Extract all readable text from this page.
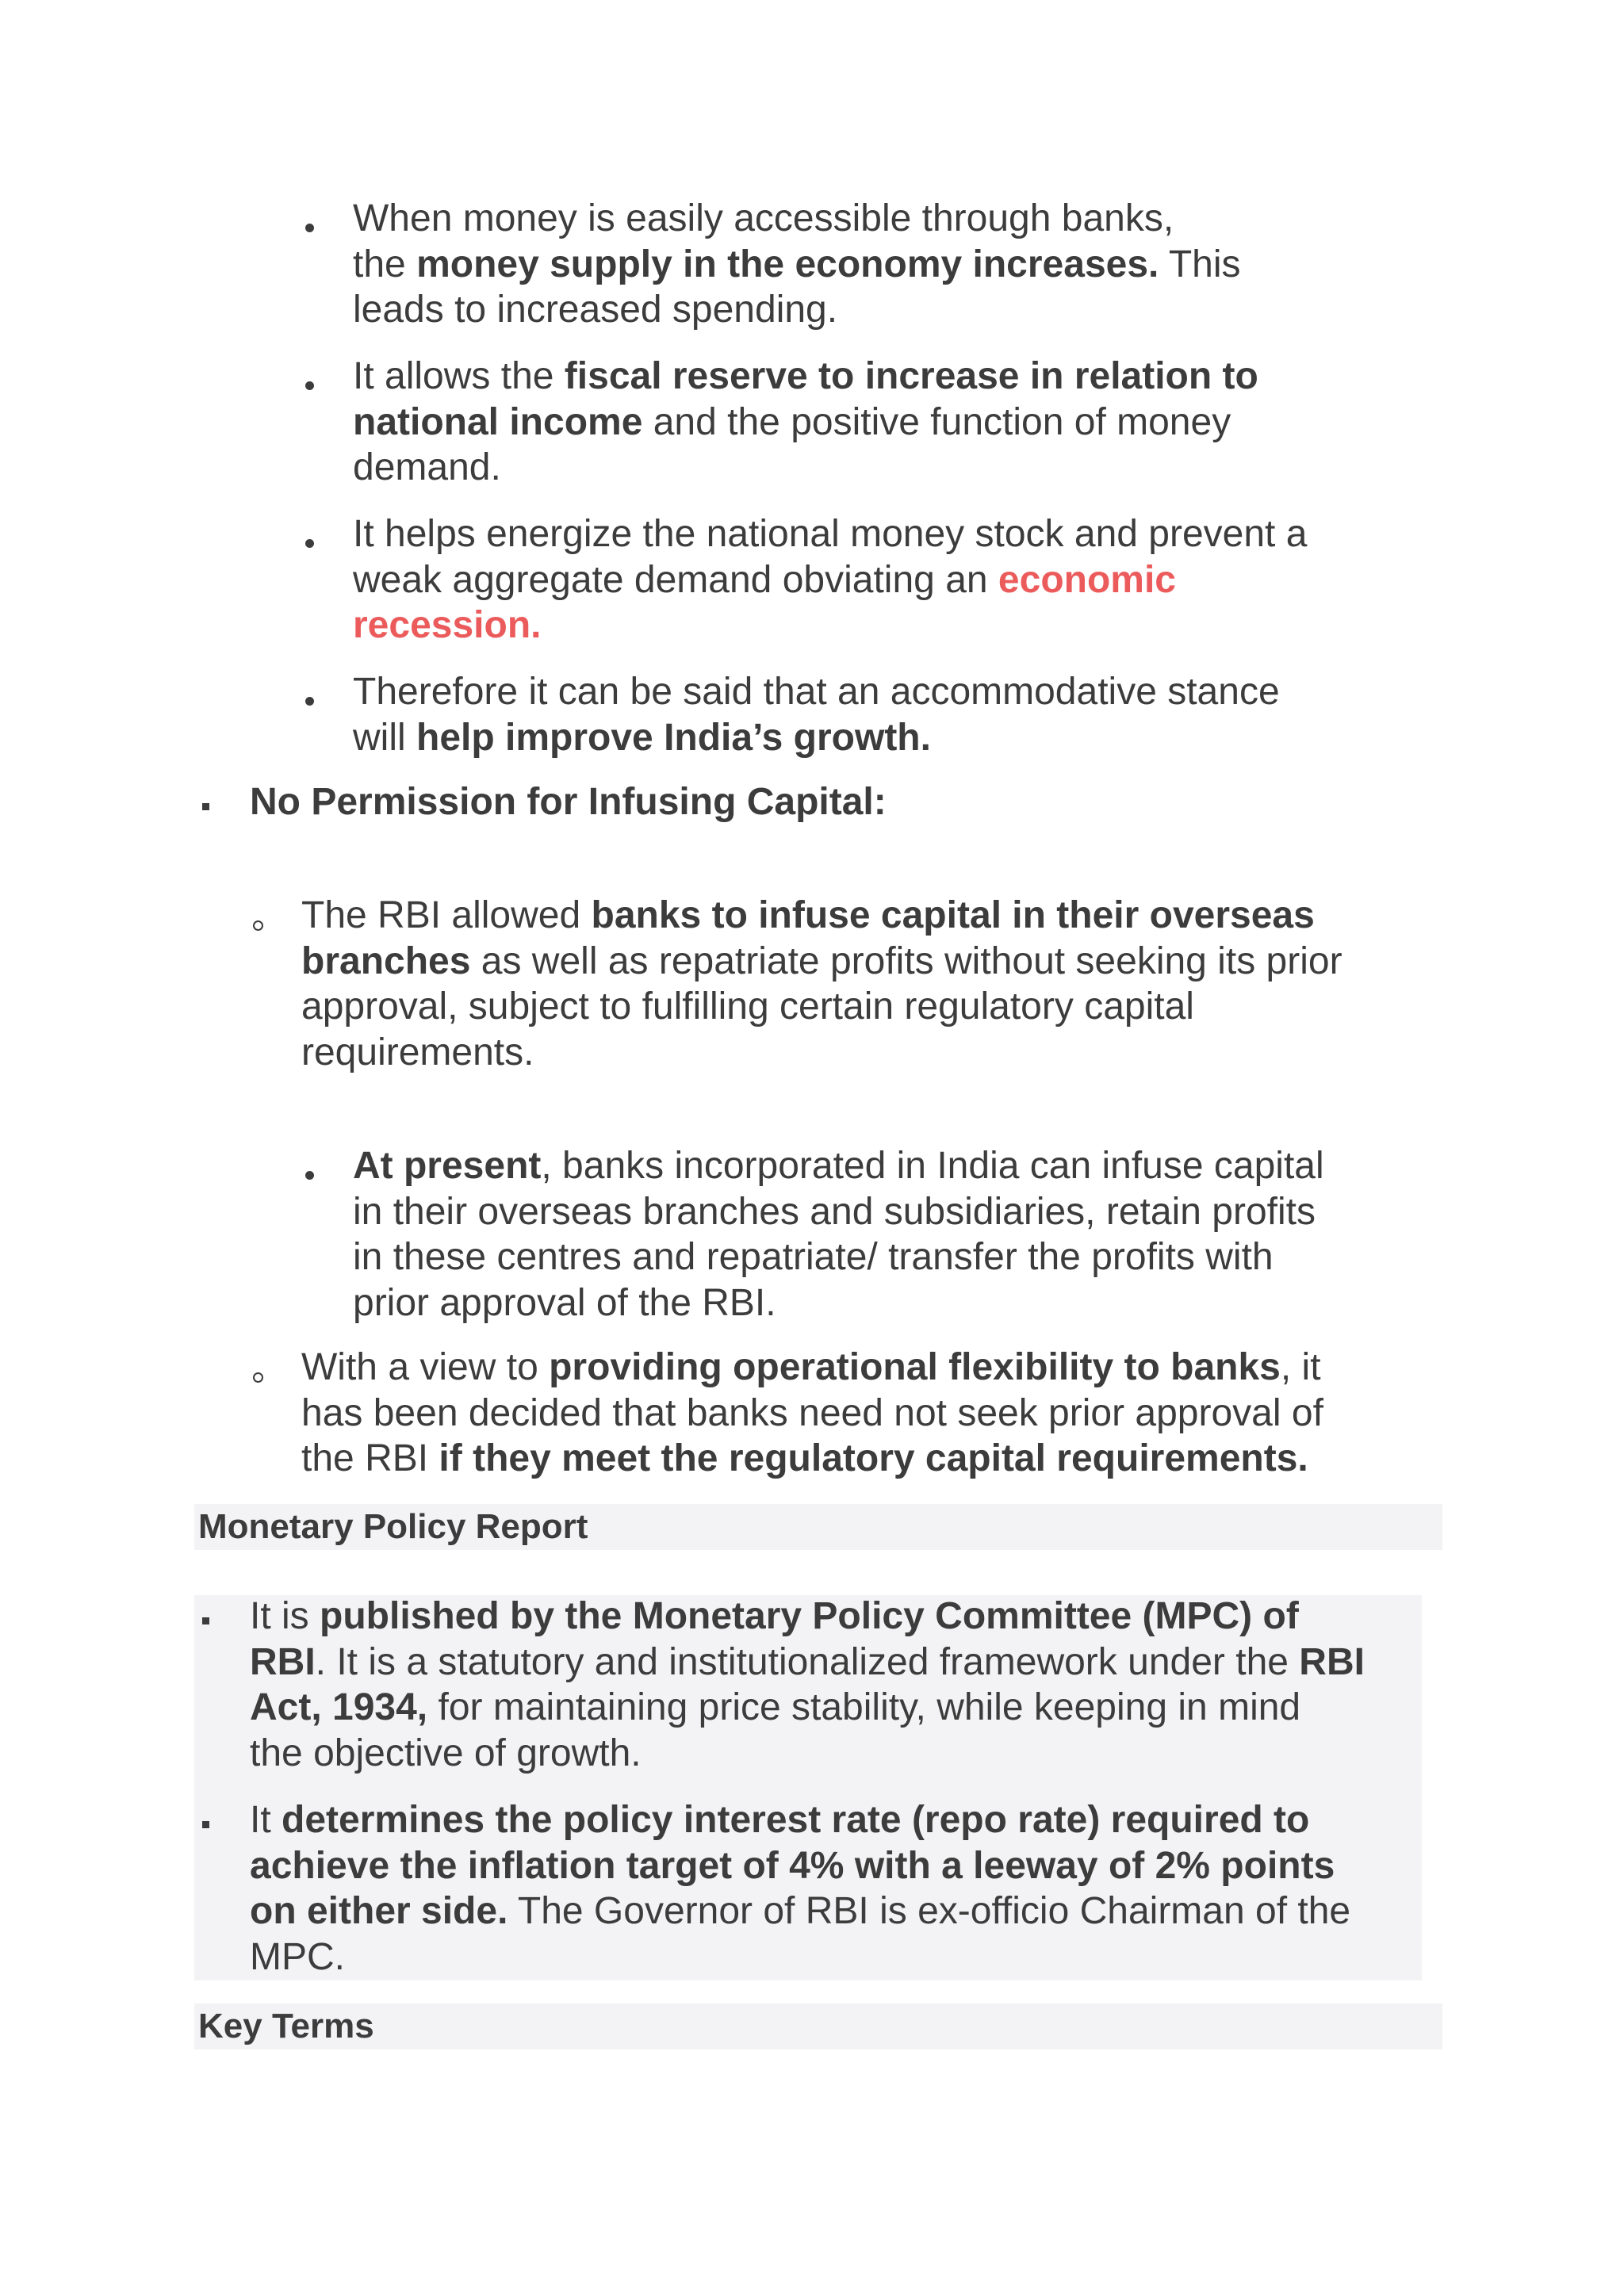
When money is easily accessible through banks,
the money supply in the economy increases. This
leads to increased spending.

It allows the fiscal reserve to increase in relation to
national income and the positive function of money
demand.

It helps energize the national money stock and prevent a
weak aggregate demand obviating an economic
recession.

Therefore it can be said that an accommodative stance
will help improve India’s growth.

No Permission for Infusing Capital:

The RBI allowed banks to infuse capital in their overseas
branches as well as repatriate profits without seeking its prior
approval, subject to fulfilling certain regulatory capital
requirements.

At present, banks incorporated in India can infuse capital
in their overseas branches and subsidiaries, retain profits
in these centres and repatriate/ transfer the profits with
prior approval of the RBI.

With a view to providing operational flexibility to banks, it
has been decided that banks need not seek prior approval of
the RBI if they meet the regulatory capital requirements.

Monetary Policy Report

It is published by the Monetary Policy Committee (MPC) of
RBI. It is a statutory and institutionalized framework under the RBI
Act, 1934, for maintaining price stability, while keeping in mind
the objective of growth.

It determines the policy interest rate (repo rate) required to
achieve the inflation target of 4% with a leeway of 2% points
on either side. The Governor of RBI is ex-officio Chairman of the
MPC.

Key Terms
